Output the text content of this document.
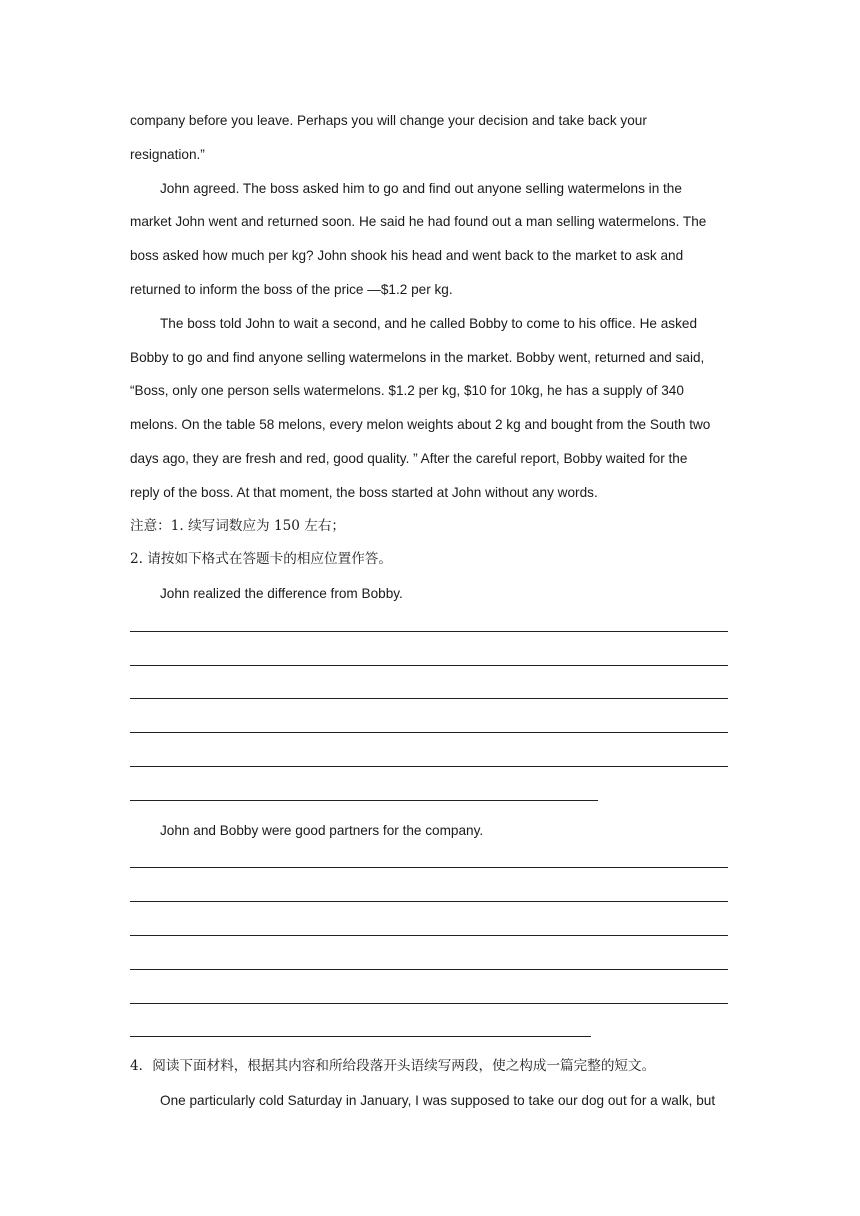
company before you leave. Perhaps you will change your decision and take back your
resignation.”
John agreed. The boss asked him to go and find out anyone selling watermelons in the
market John went and returned soon. He said he had found out a man selling watermelons. The
boss asked how much per kg? John shook his head and went back to the market to ask and
returned to inform the boss of the price —$1.2 per kg.
The boss told John to wait a second, and he called Bobby to come to his office. He asked
Bobby to go and find anyone selling watermelons in the market. Bobby went, returned and said,
“Boss, only one person sells watermelons. $1.2 per kg, $10 for 10kg, he has a supply of 340
melons. On the table 58 melons, every melon weights about 2 kg and bought from the South two
days ago, they are fresh and red, good quality. ” After the careful report, Bobby waited for the
reply of the boss. At that moment, the boss started at John without any words.
注意：1. 续写词数应为 150 左右；
2. 请按如下格式在答题卡的相应位置作答。
John realized the difference from Bobby.
John and Bobby were good partners for the company.
4．阅读下面材料，根据其内容和所给段落开头语续写两段，使之构成一篇完整的短文。
One particularly cold Saturday in January, I was supposed to take our dog out for a walk, but
